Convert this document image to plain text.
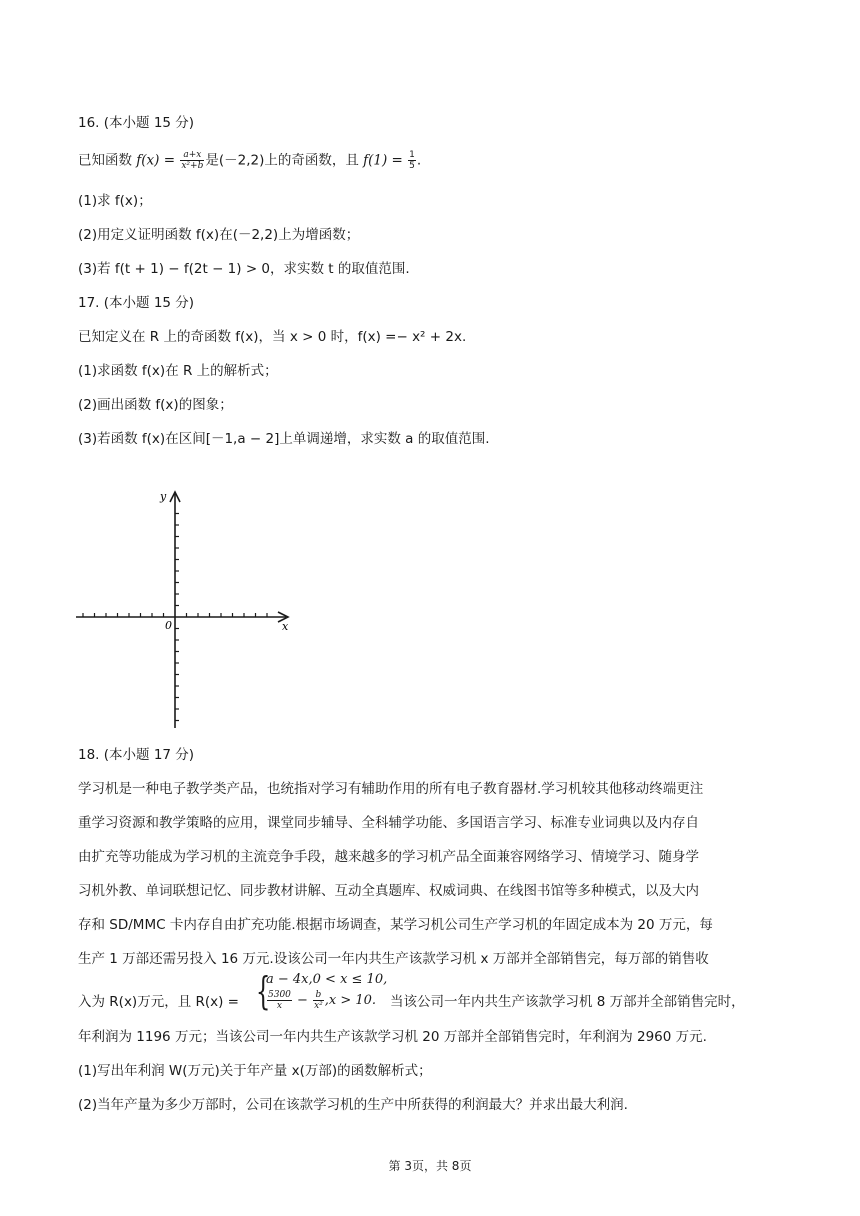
16. (本小题 15 分)
已知函数 $f(x) = \frac{a+x}{\text{x²+b}}$ 是(－2,2)上的奇函数，且 $f(1) = \frac{1}{5}$ .
(1)求 f(x)；
(2)用定义证明函数 f(x)在(－2,2)上为增函数；
(3)若 f(t + 1) − f(2t − 1) > 0，求实数 t 的取值范围.
17. (本小题 15 分)
已知定义在 R 上的奇函数 f(x)，当 x > 0 时，f(x) =− x² + 2x.
(1)求函数 f(x)在 R 上的解析式；
(2)画出函数 f(x)的图象；
(3)若函数 f(x)在区间[－1,a − 2]上单调递增，求实数 a 的取值范围.
y
x
0
18. (本小题 17 分)
学习机是一种电子教学类产品，也统指对学习有辅助作用的所有电子教育器材.学习机较其他移动终端更注
重学习资源和教学策略的应用，课堂同步辅导、全科辅学功能、多国语言学习、标准专业词典以及内存自
由扩充等功能成为学习机的主流竞争手段，越来越多的学习机产品全面兼容网络学习、情境学习、随身学
习机外教、单词联想记忆、同步教材讲解、互动全真题库、权威词典、在线图书馆等多种模式，以及大内
存和 SD/MMC 卡内存自由扩充功能.根据市场调查，某学习机公司生产学习机的年固定成本为 20 万元，每
生产 1 万部还需另投入 16 万元.设该公司一年内共生产该款学习机 x 万部并全部销售完，每万部的销售收
入为 R(x)万元，且 R(x) = {
a − 4x,0 < x ≤ 10,
$\frac{5300}{x} - \frac{b}{\text{x²}} ,x > 10$. 当该公司一年内共生产该款学习机 8 万部并全部销售完时，
年利润为 1196 万元；当该公司一年内共生产该款学习机 20 万部并全部销售完时，年利润为 2960 万元.
(1)写出年利润 W(万元)关于年产量 x(万部)的函数解析式；
(2)当年产量为多少万部时，公司在该款学习机的生产中所获得的利润最大？并求出最大利润.
第 3页，共 8页
